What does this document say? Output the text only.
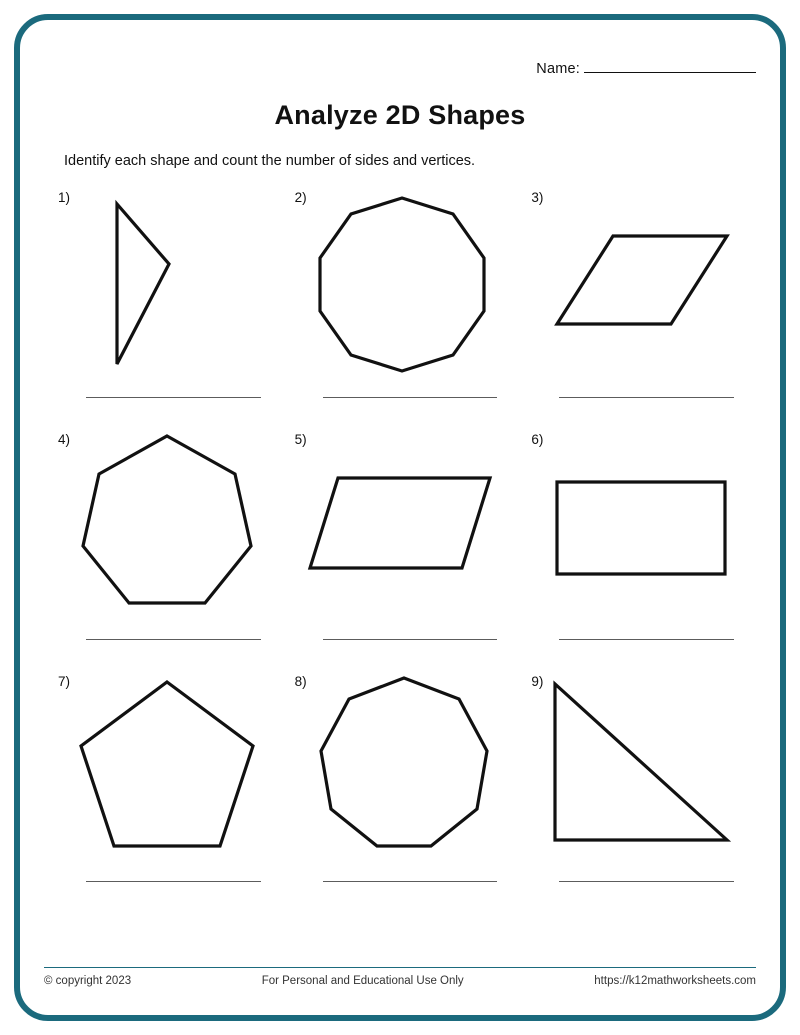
Name:
Analyze 2D Shapes
Identify each shape and count the number of sides and vertices.
1)	2)	3)
4)	5)	6)
7)	8)	9)
© copyright 2023	For Personal and Educational Use Only	https://k12mathworksheets.com
